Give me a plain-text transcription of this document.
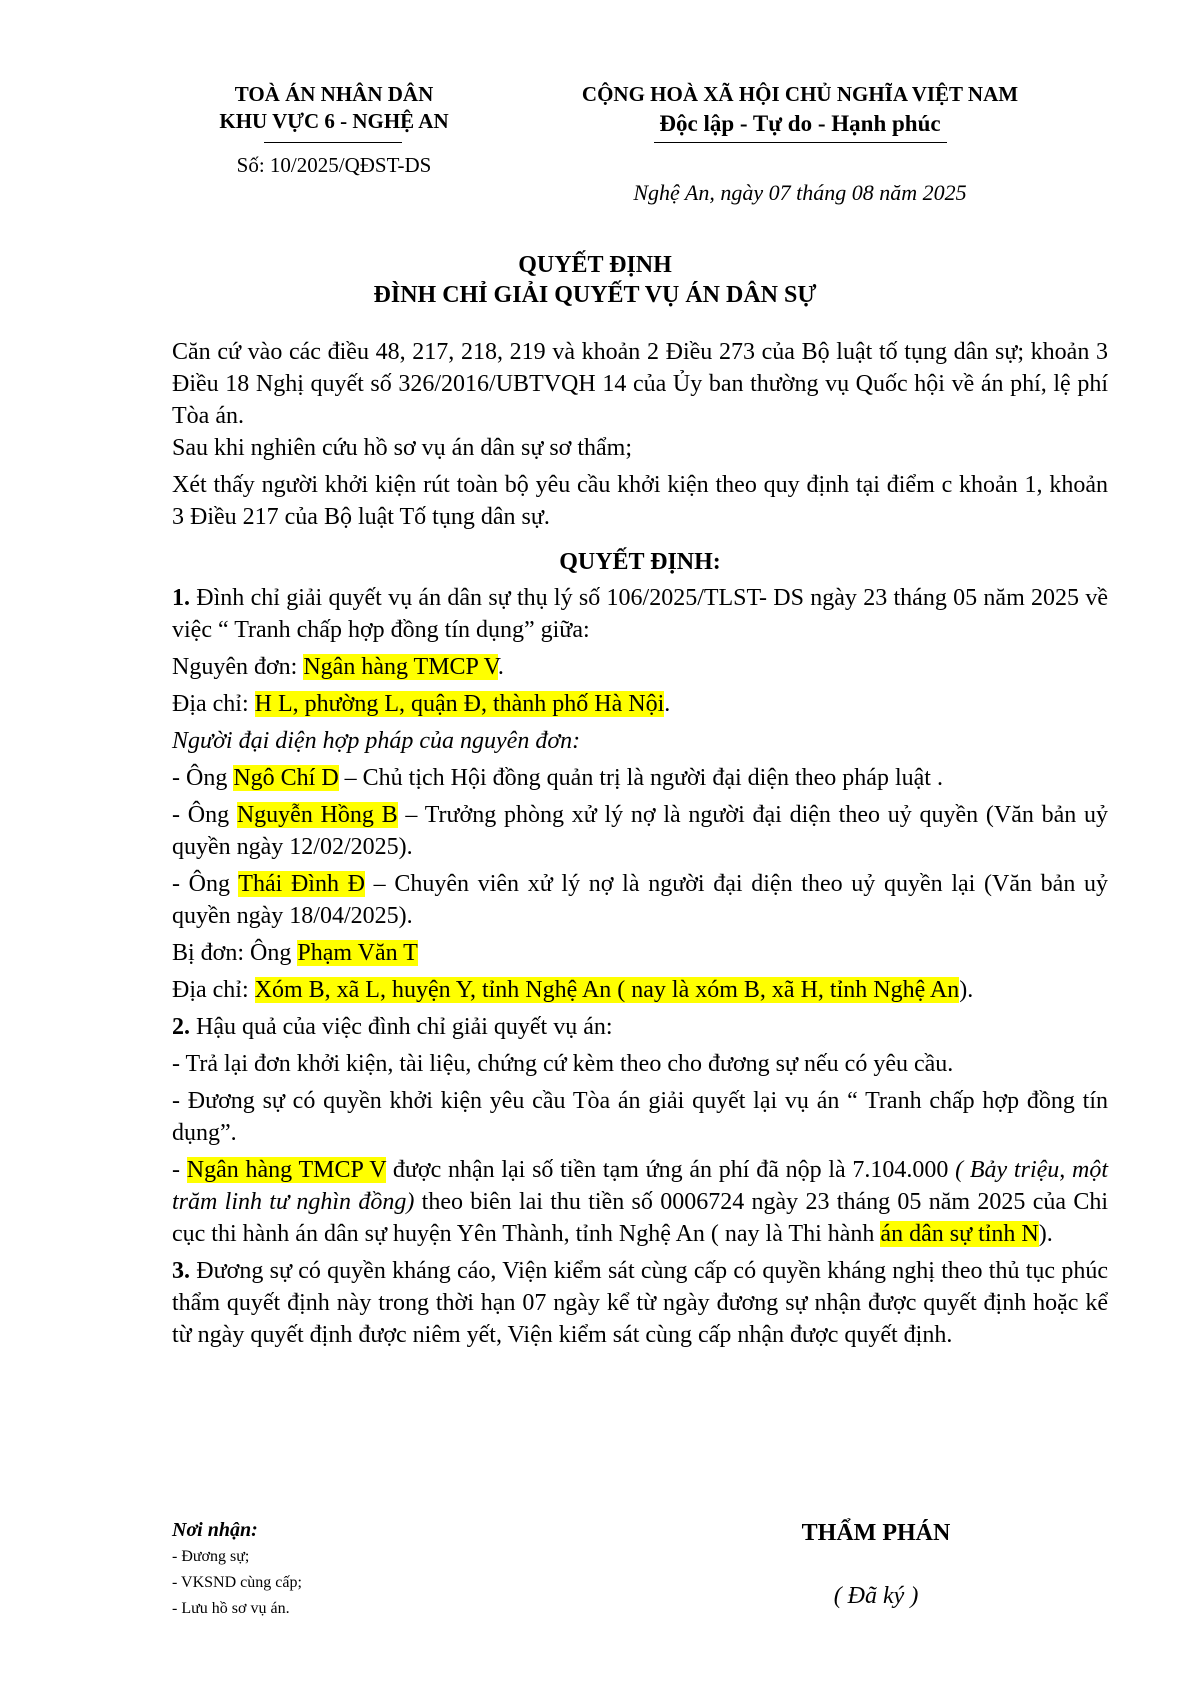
TOÀ ÁN NHÂN DÂN
KHU VỰC 6 - NGHỆ AN
Số: 10/2025/QĐST-DS
CỘNG HOÀ XÃ HỘI CHỦ NGHĨA VIỆT NAM
Độc lập - Tự do - Hạnh phúc
Nghệ An, ngày 07 tháng 08 năm 2025
QUYẾT ĐỊNH
ĐÌNH CHỈ GIẢI QUYẾT VỤ ÁN DÂN SỰ

Căn cứ vào các điều 48, 217, 218, 219 và khoản 2 Điều 273 của Bộ luật tố tụng dân sự; khoản 3 Điều 18 Nghị quyết số 326/2016/UBTVQH 14 của Ủy ban thường vụ Quốc hội về án phí, lệ phí Tòa án.

Sau khi nghiên cứu hồ sơ vụ án dân sự sơ thẩm;

Xét thấy người khởi kiện rút toàn bộ yêu cầu khởi kiện theo quy định tại điểm c khoản 1, khoản 3 Điều 217 của Bộ luật Tố tụng dân sự.

QUYẾT ĐỊNH:

1. Đình chỉ giải quyết vụ án dân sự thụ lý số 106/2025/TLST- DS ngày 23 tháng 05 năm 2025 về việc “ Tranh chấp hợp đồng tín dụng” giữa:

Nguyên đơn: Ngân hàng TMCP V.

Địa chỉ: H L, phường L, quận Đ, thành phố Hà Nội.

Người đại diện hợp pháp của nguyên đơn:

- Ông Ngô Chí D – Chủ tịch Hội đồng quản trị là người đại diện theo pháp luật .

- Ông Nguyễn Hồng B – Trưởng phòng xử lý nợ là người đại diện theo uỷ quyền (Văn bản uỷ quyền ngày 12/02/2025).

- Ông Thái Đình Đ – Chuyên viên xử lý nợ là người đại diện theo uỷ quyền lại (Văn bản uỷ quyền ngày 18/04/2025).

Bị đơn: Ông Phạm Văn T

Địa chỉ: Xóm B, xã L, huyện Y, tỉnh Nghệ An ( nay là xóm B, xã H, tỉnh Nghệ An).

2. Hậu quả của việc đình chỉ giải quyết vụ án:

- Trả lại đơn khởi kiện, tài liệu, chứng cứ kèm theo cho đương sự nếu có yêu cầu.

- Đương sự có quyền khởi kiện yêu cầu Tòa án giải quyết lại vụ án “ Tranh chấp hợp đồng tín dụng”.

- Ngân hàng TMCP V được nhận lại số tiền tạm ứng án phí đã nộp là 7.104.000 ( Bảy triệu, một trăm linh tư nghìn đồng) theo biên lai thu tiền số 0006724 ngày 23 tháng 05 năm 2025 của Chi cục thi hành án dân sự huyện Yên Thành, tỉnh Nghệ An ( nay là Thi hành án dân sự tỉnh N).

3. Đương sự có quyền kháng cáo, Viện kiểm sát cùng cấp có quyền kháng nghị theo thủ tục phúc thẩm quyết định này trong thời hạn 07 ngày kể từ ngày đương sự nhận được quyết định hoặc kể từ ngày quyết định được niêm yết, Viện kiểm sát cùng cấp nhận được quyết định.

Nơi nhận:
- Đương sự;
- VKSND cùng cấp;
- Lưu hồ sơ vụ án.
THẨM PHÁN
( Đã ký )
